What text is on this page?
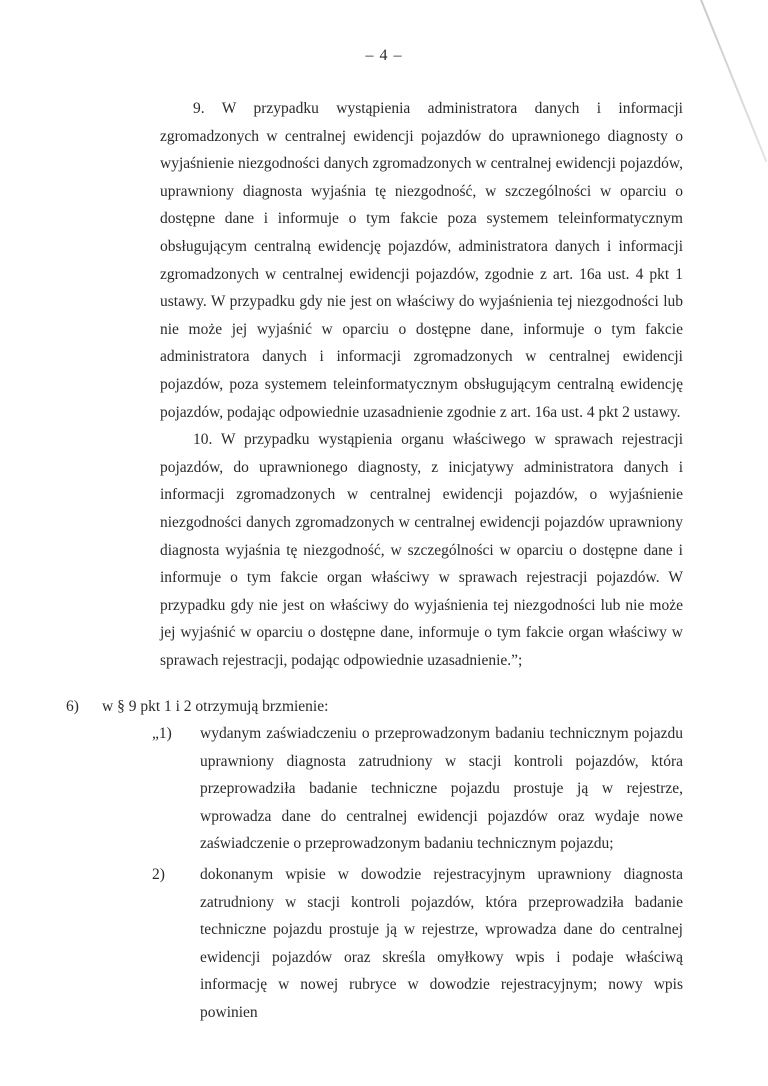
– 4 –

9. W przypadku wystąpienia administratora danych i informacji zgromadzonych w centralnej ewidencji pojazdów do uprawnionego diagnosty o wyjaśnienie niezgodności danych zgromadzonych w centralnej ewidencji pojazdów, uprawniony diagnosta wyjaśnia tę niezgodność, w szczególności w oparciu o dostępne dane i informuje o tym fakcie poza systemem teleinformatycznym obsługującym centralną ewidencję pojazdów, administratora danych i informacji zgromadzonych w centralnej ewidencji pojazdów, zgodnie z art. 16a ust. 4 pkt 1 ustawy. W przypadku gdy nie jest on właściwy do wyjaśnienia tej niezgodności lub nie może jej wyjaśnić w oparciu o dostępne dane, informuje o tym fakcie administratora danych i informacji zgromadzonych w centralnej ewidencji pojazdów, poza systemem teleinformatycznym obsługującym centralną ewidencję pojazdów, podając odpowiednie uzasadnienie zgodnie z art. 16a ust. 4 pkt 2 ustawy.

10. W przypadku wystąpienia organu właściwego w sprawach rejestracji pojazdów, do uprawnionego diagnosty, z inicjatywy administratora danych i informacji zgromadzonych w centralnej ewidencji pojazdów, o wyjaśnienie niezgodności danych zgromadzonych w centralnej ewidencji pojazdów uprawniony diagnosta wyjaśnia tę niezgodność, w szczególności w oparciu o dostępne dane i informuje o tym fakcie organ właściwy w sprawach rejestracji pojazdów. W przypadku gdy nie jest on właściwy do wyjaśnienia tej niezgodności lub nie może jej wyjaśnić w oparciu o dostępne dane, informuje o tym fakcie organ właściwy w sprawach rejestracji, podając odpowiednie uzasadnienie.”;

6) w § 9 pkt 1 i 2 otrzymują brzmienie:
„1) wydanym zaświadczeniu o przeprowadzonym badaniu technicznym pojazdu uprawniony diagnosta zatrudniony w stacji kontroli pojazdów, która przeprowadziła badanie techniczne pojazdu prostuje ją w rejestrze, wprowadza dane do centralnej ewidencji pojazdów oraz wydaje nowe zaświadczenie o przeprowadzonym badaniu technicznym pojazdu;
2) dokonanym wpisie w dowodzie rejestracyjnym uprawniony diagnosta zatrudniony w stacji kontroli pojazdów, która przeprowadziła badanie techniczne pojazdu prostuje ją w rejestrze, wprowadza dane do centralnej ewidencji pojazdów oraz skreśla omyłkowy wpis i podaje właściwą informację w nowej rubryce w dowodzie rejestracyjnym; nowy wpis powinien
